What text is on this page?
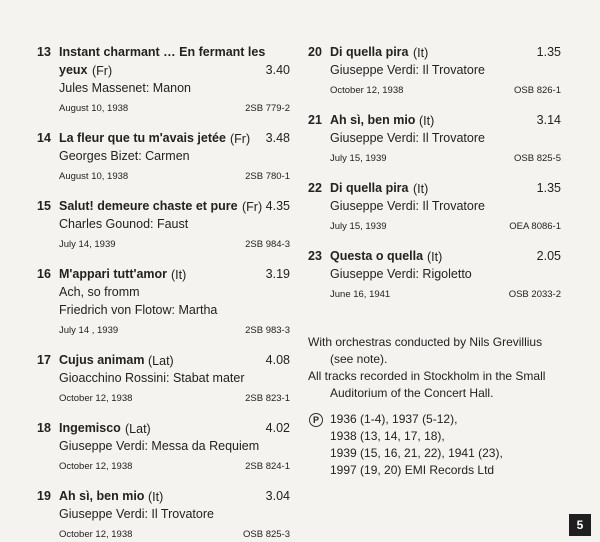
13 Instant charmant … En fermant les
yeux (Fr)	3.40
Jules Massenet: Manon
August 10, 1938	2SB 779-2
14 La fleur que tu m'avais jetée (Fr)	3.48
Georges Bizet: Carmen
August 10, 1938	2SB 780-1
15 Salut! demeure chaste et pure (Fr) 4.35
Charles Gounod: Faust
July 14, 1939	2SB 984-3
16 M'appari tutt'amor (It)	3.19
Ach, so fromm
Friedrich von Flotow: Martha
July 14 , 1939	2SB 983-3
17 Cujus animam (Lat)	4.08
Gioacchino Rossini: Stabat mater
October 12, 1938	2SB 823-1
18 Ingemisco (Lat)	4.02
Giuseppe Verdi: Messa da Requiem
October 12, 1938	2SB 824-1
19 Ah sì, ben mio (It)	3.04
Giuseppe Verdi: Il Trovatore
October 12, 1938	OSB 825-3
20 Di quella pira (It)	1.35
Giuseppe Verdi: Il Trovatore
October 12, 1938	OSB 826-1
21 Ah sì, ben mio (It)	3.14
Giuseppe Verdi: Il Trovatore
July 15, 1939	OSB 825-5
22 Di quella pira (It)	1.35
Giuseppe Verdi: Il Trovatore
July 15, 1939	OEA 8086-1
23 Questa o quella (It)	2.05
Giuseppe Verdi: Rigoletto
June 16, 1941	OSB 2033-2
With orchestras conducted by Nils Grevillius
(see note).
All tracks recorded in Stockholm in the Small
Auditorium of the Concert Hall.
P 1936 (1-4), 1937 (5-12),
1938 (13, 14, 17, 18),
1939 (15, 16, 21, 22), 1941 (23),
1997 (19, 20) EMI Records Ltd
5
